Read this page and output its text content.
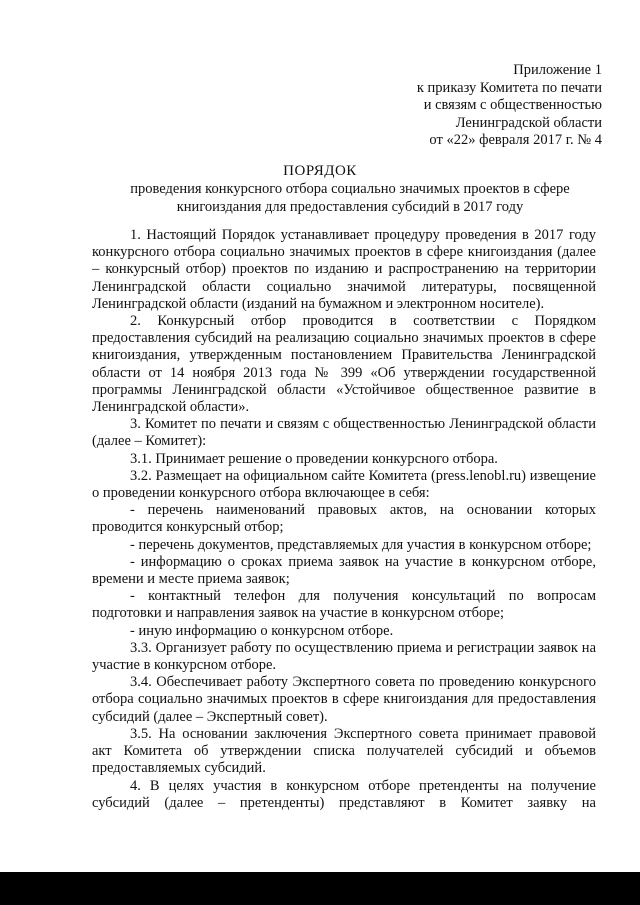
Приложение 1
к приказу Комитета по печати
и связям с общественностью
Ленинградской области
от «22» февраля 2017 г. № 4
ПОРЯДОК
проведения конкурсного отбора социально значимых проектов в сфере книгоиздания для предоставления субсидий в 2017 году

1. Настоящий Порядок устанавливает процедуру проведения в 2017 году конкурсного отбора социально значимых проектов в сфере книгоиздания (далее – конкурсный отбор) проектов по изданию и распространению на территории Ленинградской области социально значимой литературы, посвященной Ленинградской области (изданий на бумажном и электронном носителе).

2. Конкурсный отбор проводится в соответствии с Порядком предоставления субсидий на реализацию социально значимых проектов в сфере книгоиздания, утвержденным постановлением Правительства Ленинградской области от 14 ноября 2013 года № 399 «Об утверждении государственной программы Ленинградской области «Устойчивое общественное развитие в Ленинградской области».

3. Комитет по печати и связям с общественностью Ленинградской области (далее – Комитет):

3.1. Принимает решение о проведении конкурсного отбора.

3.2. Размещает на официальном сайте Комитета (press.lenobl.ru) извещение о проведении конкурсного отбора включающее в себя:

- перечень наименований правовых актов, на основании которых проводится конкурсный отбор;

- перечень документов, представляемых для участия в конкурсном отборе;

- информацию о сроках приема заявок на участие в конкурсном отборе, времени и месте приема заявок;

- контактный телефон для получения консультаций по вопросам подготовки и направления заявок на участие в конкурсном отборе;

- иную информацию о конкурсном отборе.

3.3. Организует работу по осуществлению приема и регистрации заявок на участие в конкурсном отборе.

3.4. Обеспечивает работу Экспертного совета по проведению конкурсного отбора социально значимых проектов в сфере книгоиздания для предоставления субсидий (далее – Экспертный совет).

3.5. На основании заключения Экспертного совета принимает правовой акт Комитета об утверждении списка получателей субсидий и объемов предоставляемых субсидий.

4. В целях участия в конкурсном отборе претенденты на получение субсидий (далее – претенденты) представляют в Комитет заявку на
